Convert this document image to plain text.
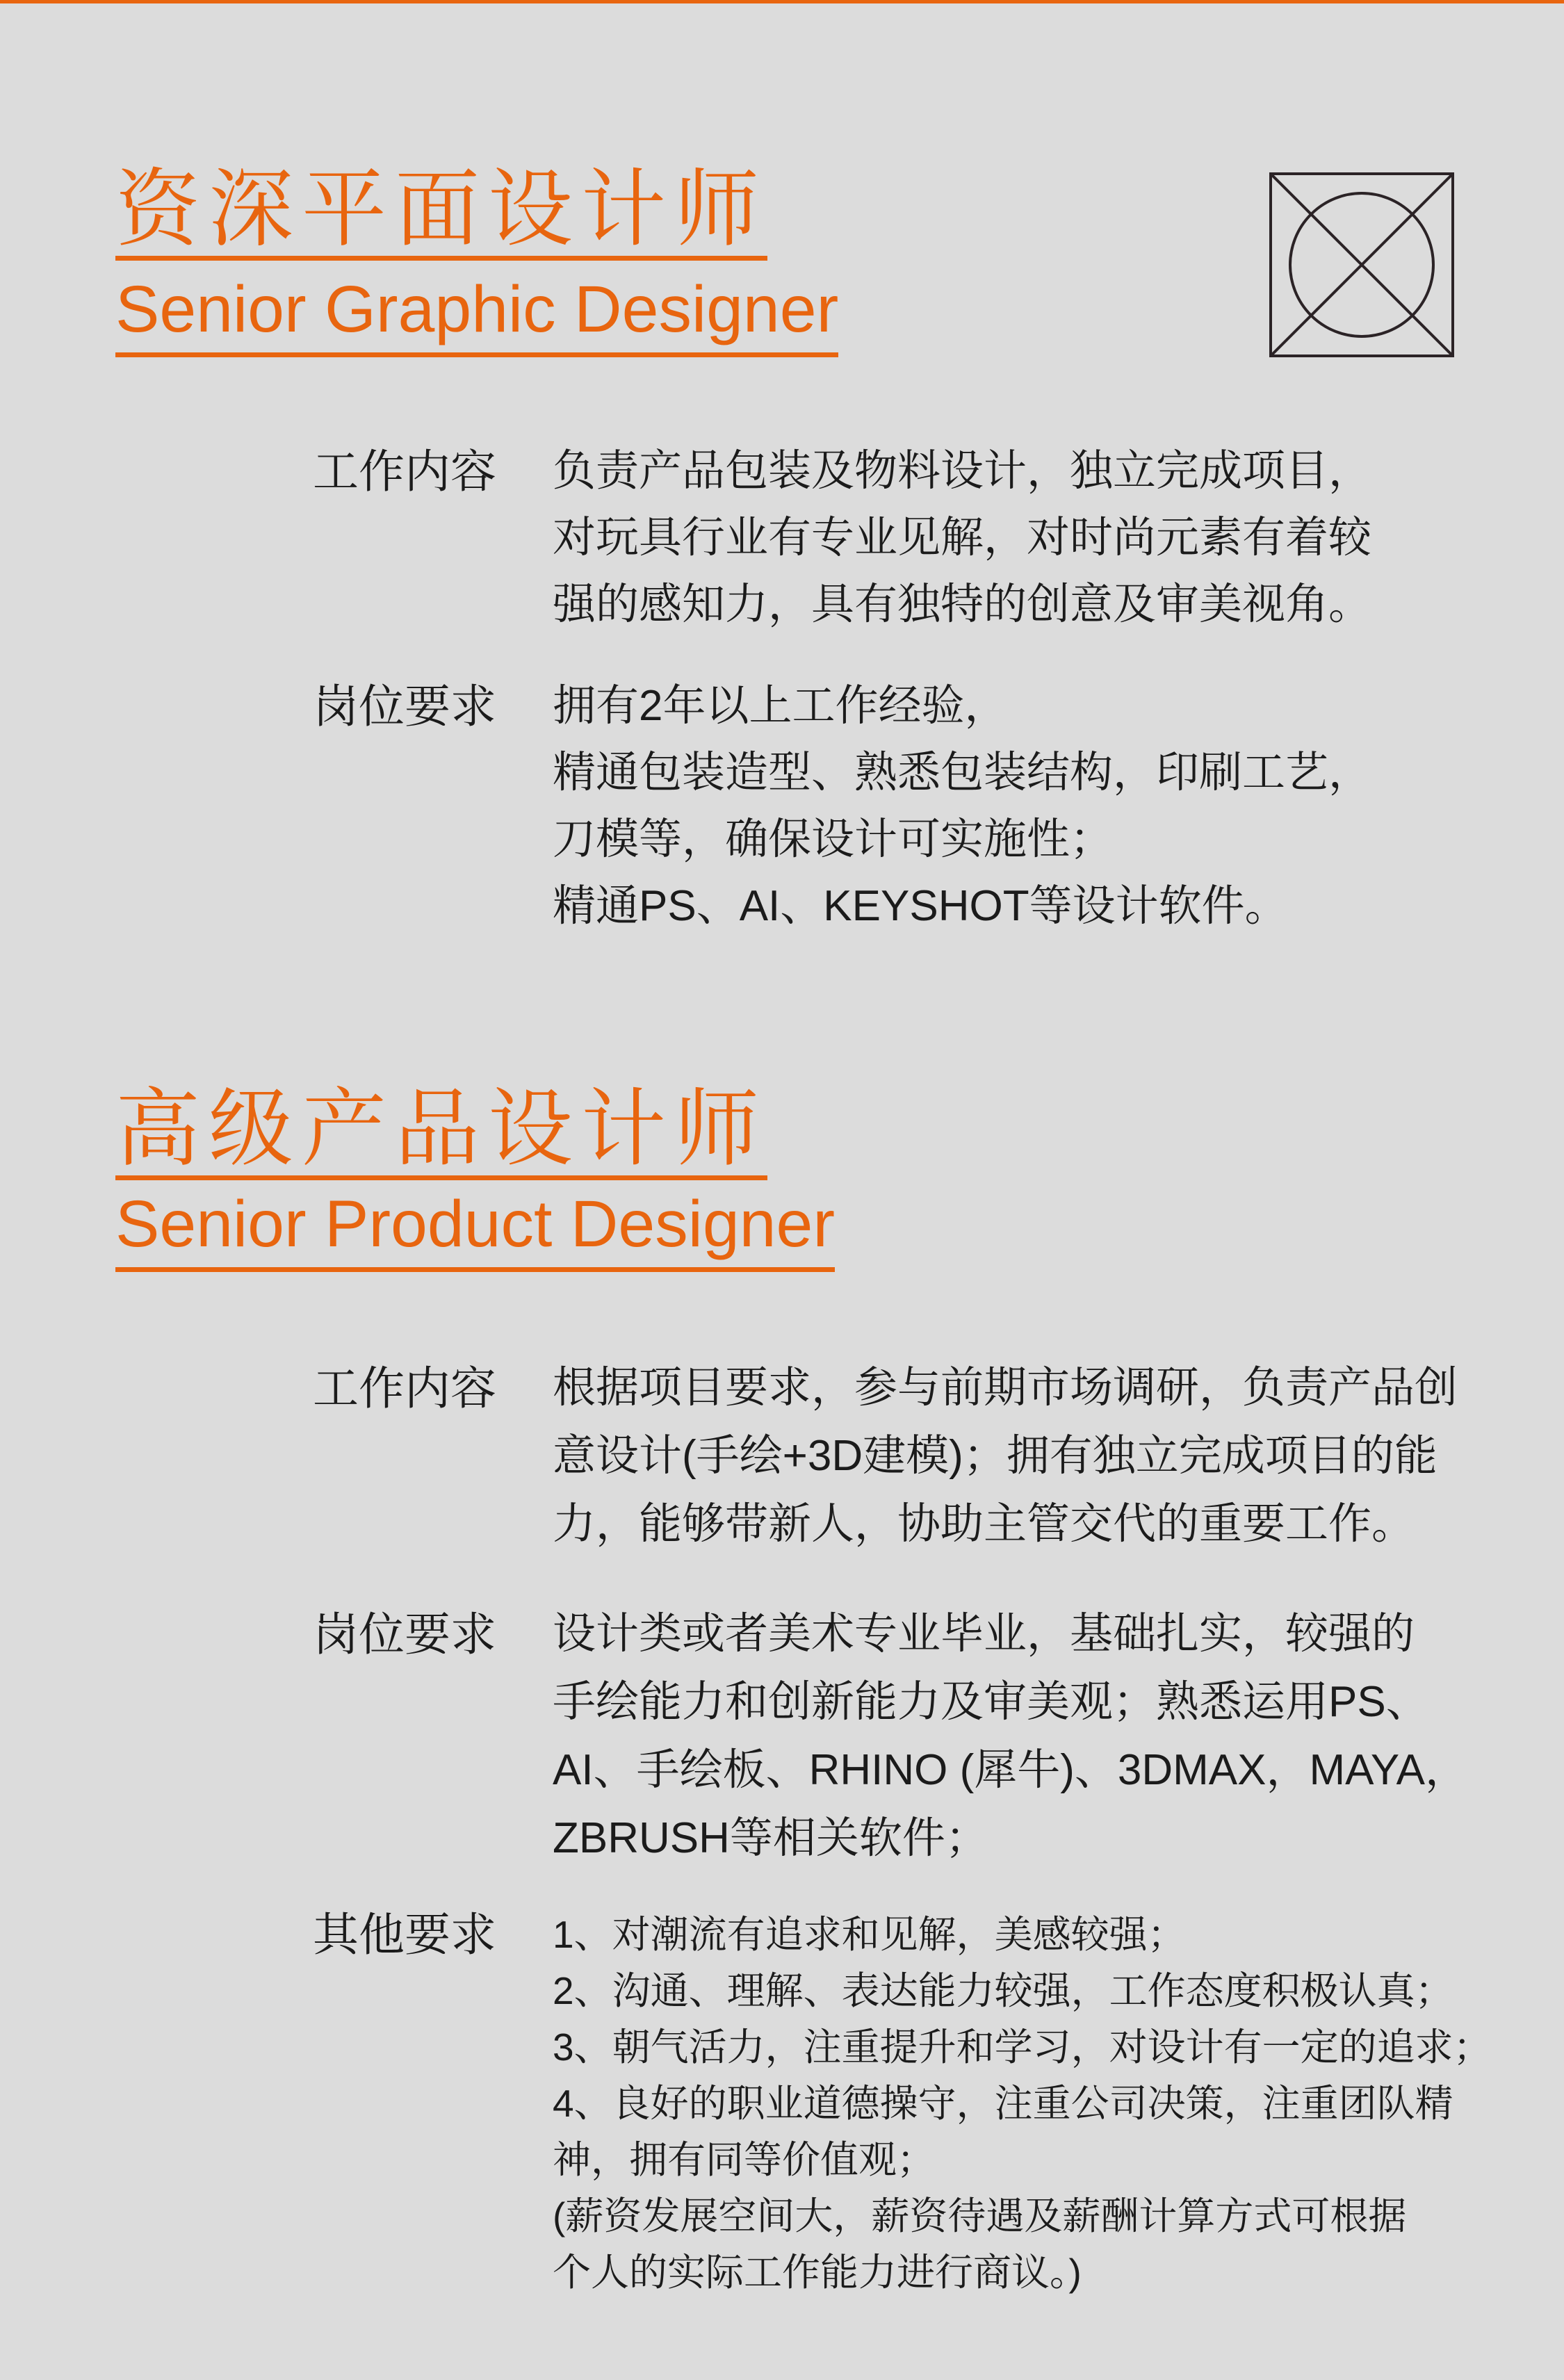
资深平面设计师
Senior Graphic Designer
工作内容	负责产品包装及物料设计，独立完成项目，
对玩具行业有专业见解，对时尚元素有着较
强的感知力，具有独特的创意及审美视角。
岗位要求	拥有2年以上工作经验，
精通包装造型、熟悉包装结构，印刷工艺，
刀模等，确保设计可实施性；
精通PS、AI、KEYSHOT等设计软件。
高级产品设计师
Senior Product Designer
工作内容	根据项目要求，参与前期市场调研，负责产品创
意设计(手绘+3D建模)；拥有独立完成项目的能
力，能够带新人，协助主管交代的重要工作。
岗位要求	设计类或者美术专业毕业，基础扎实，较强的
手绘能力和创新能力及审美观；熟悉运用PS、
AI、手绘板、RHINO (犀牛)、3DMAX，MAYA，
ZBRUSH等相关软件；
其他要求	1、对潮流有追求和见解，美感较强；
2、沟通、理解、表达能力较强，工作态度积极认真；
3、朝气活力，注重提升和学习，对设计有一定的追求；
4、良好的职业道德操守，注重公司决策，注重团队精
神，拥有同等价值观；
(薪资发展空间大，薪资待遇及薪酬计算方式可根据
个人的实际工作能力进行商议。)
